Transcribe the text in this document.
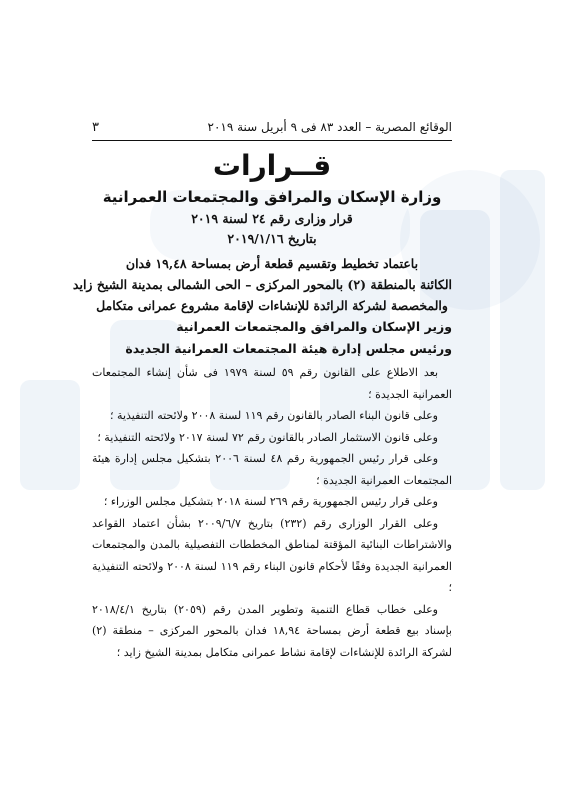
الوقائع المصرية – العدد ٨٣ فى ٩ أبريل سنة ٢٠١٩
٣
قــرارات
وزارة الإسكان والمرافق والمجتمعات العمرانية
قرار وزارى رقم ٢٤ لسنة ٢٠١٩
بتاريخ ٢٠١٩/١/١٦
باعتماد تخطيط وتقسيم قطعة أرض بمساحة ١٩,٤٨ فدان
الكائنة بالمنطقة (٢) بالمحور المركزى – الحى الشمالى بمدينة الشيخ زايد
والمخصصة لشركة الرائدة للإنشاءات لإقامة مشروع عمرانى متكامل
وزير الإسكان والمرافق والمجتمعات العمرانية
ورئيس مجلس إدارة هيئة المجتمعات العمرانية الجديدة

بعد الاطلاع على القانون رقم ٥٩ لسنة ١٩٧٩ فى شأن إنشاء المجتمعات العمرانية الجديدة ؛

وعلى قانون البناء الصادر بالقانون رقم ١١٩ لسنة ٢٠٠٨ ولائحته التنفيذية ؛

وعلى قانون الاستثمار الصادر بالقانون رقم ٧٢ لسنة ٢٠١٧ ولائحته التنفيذية ؛

وعلى قرار رئيس الجمهورية رقم ٤٨ لسنة ٢٠٠٦ بتشكيل مجلس إدارة هيئة المجتمعات العمرانية الجديدة ؛

وعلى قرار رئيس الجمهورية رقم ٢٦٩ لسنة ٢٠١٨ بتشكيل مجلس الوزراء ؛

وعلى القرار الوزارى رقم (٢٣٢) بتاريخ ٢٠٠٩/٦/٧ بشأن اعتماد القواعد والاشتراطات البنائية المؤقتة لمناطق المخططات التفصيلية بالمدن والمجتمعات العمرانية الجديدة وفقًا لأحكام قانون البناء رقم ١١٩ لسنة ٢٠٠٨ ولائحته التنفيذية ؛

وعلى خطاب قطاع التنمية وتطوير المدن رقم (٢٠٥٩) بتاريخ ٢٠١٨/٤/١ بإسناد بيع قطعة أرض بمساحة ١٨,٩٤ فدان بالمحور المركزى – منطقة (٢) لشركة الرائدة للإنشاءات لإقامة نشاط عمرانى متكامل بمدينة الشيخ زايد ؛
